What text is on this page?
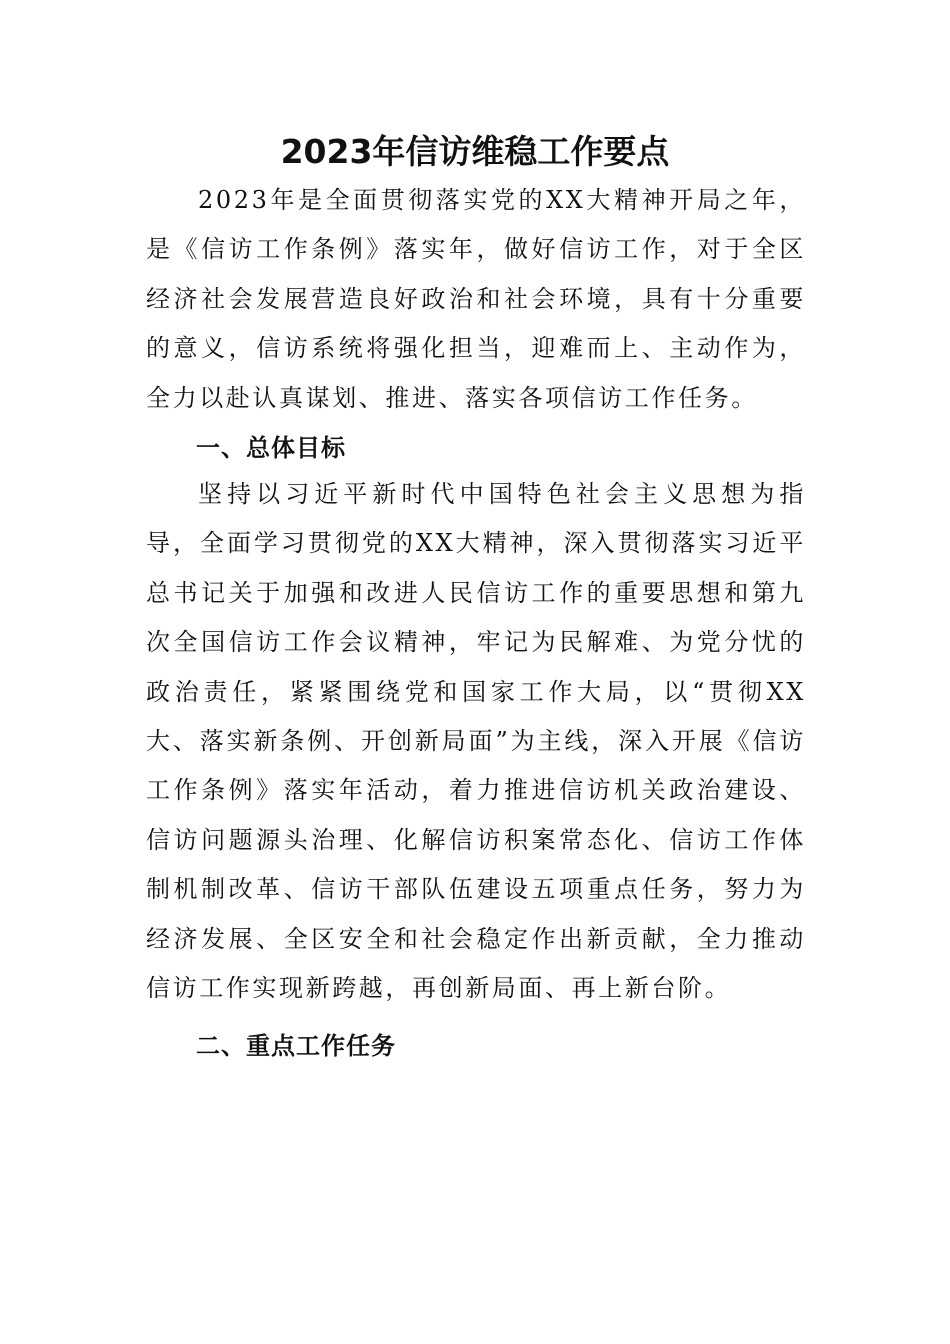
2023年信访维稳工作要点

2023年是全面贯彻落实党的XX大精神开局之年，是《信访工作条例》落实年，做好信访工作，对于全区经济社会发展营造良好政治和社会环境，具有十分重要的意义，信访系统将强化担当，迎难而上、主动作为，全力以赴认真谋划、推进、落实各项信访工作任务。

一、总体目标

坚持以习近平新时代中国特色社会主义思想为指导，全面学习贯彻党的XX大精神，深入贯彻落实习近平总书记关于加强和改进人民信访工作的重要思想和第九次全国信访工作会议精神，牢记为民解难、为党分忧的政治责任，紧紧围绕党和国家工作大局，以“贯彻XX大、落实新条例、开创新局面”为主线，深入开展《信访工作条例》落实年活动，着力推进信访机关政治建设、信访问题源头治理、化解信访积案常态化、信访工作体制机制改革、信访干部队伍建设五项重点任务，努力为经济发展、全区安全和社会稳定作出新贡献，全力推动信访工作实现新跨越，再创新局面、再上新台阶。

二、重点工作任务
